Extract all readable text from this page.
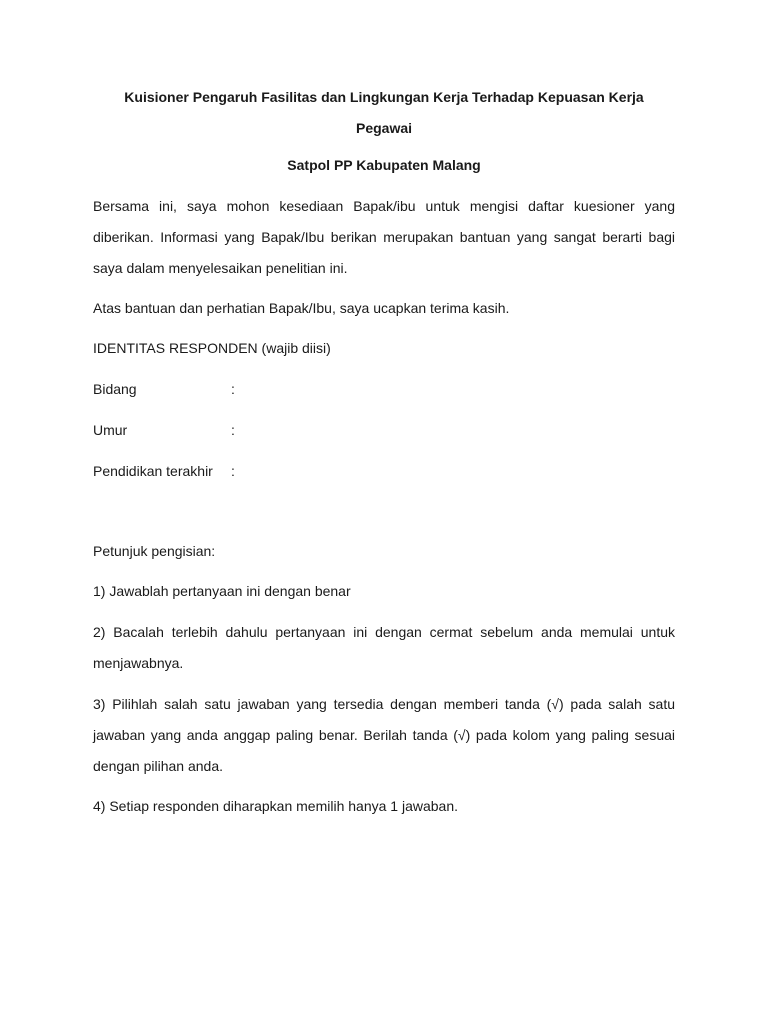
Kuisioner Pengaruh Fasilitas dan Lingkungan Kerja Terhadap Kepuasan Kerja
Pegawai

Satpol PP Kabupaten Malang

Bersama ini, saya mohon kesediaan Bapak/ibu untuk mengisi daftar kuesioner yang diberikan. Informasi yang Bapak/Ibu berikan merupakan bantuan yang sangat berarti bagi saya dalam menyelesaikan penelitian ini.

Atas bantuan dan perhatian Bapak/Ibu, saya ucapkan terima kasih.

IDENTITAS RESPONDEN (wajib diisi)

Bidang	:
Umur	:
Pendidikan terakhir	:

Petunjuk pengisian:

1) Jawablah pertanyaan ini dengan benar

2) Bacalah terlebih dahulu pertanyaan ini dengan cermat sebelum anda memulai untuk menjawabnya.

3) Pilihlah salah satu jawaban yang tersedia dengan memberi tanda (√) pada salah satu jawaban yang anda anggap paling benar. Berilah tanda (√) pada kolom yang paling sesuai dengan pilihan anda.

4) Setiap responden diharapkan memilih hanya 1 jawaban.
